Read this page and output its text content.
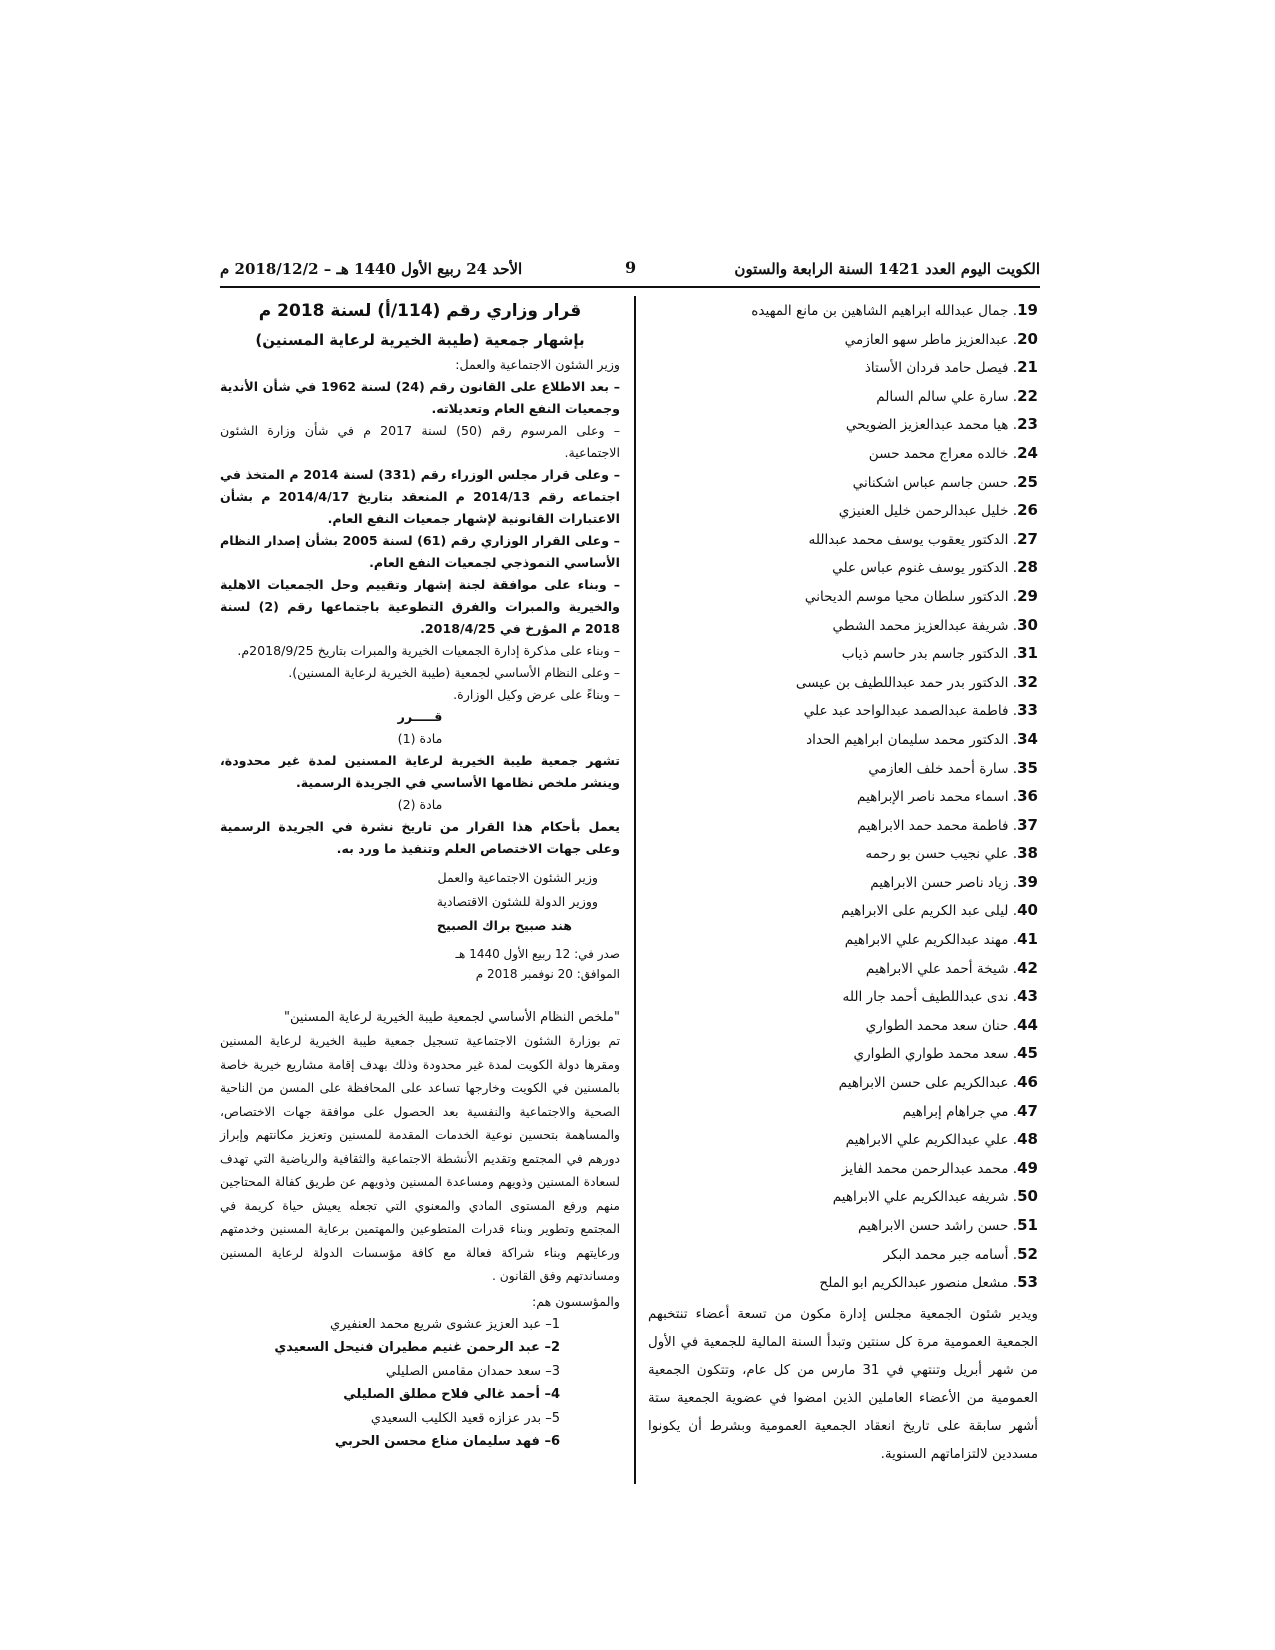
الكويت اليوم العدد 1421 السنة الرابعة والستون
9
الأحد 24 ربيع الأول 1440 هـ – 2018/12/2 م
19. جمال عبدالله ابراهيم الشاهين بن مانع المهيده
20. عبدالعزيز ماطر سهو العازمي
21. فيصل حامد فردان الأستاذ
22. سارة علي سالم السالم
23. هيا محمد عبدالعزيز الضويحي
24. خالده معراج محمد حسن
25. حسن جاسم عباس اشكناني
26. خليل عبدالرحمن خليل العنيزي
27. الدكتور يعقوب يوسف محمد عبدالله
28. الدكتور يوسف غنوم عباس علي
29. الدكتور سلطان محيا موسم الديحاني
30. شريفة عبدالعزيز محمد الشطي
31. الدكتور جاسم بدر حاسم ذياب
32. الدكتور بدر حمد عبداللطيف بن عيسى
33. فاطمة عبدالصمد عبدالواحد عبد علي
34. الدكتور محمد سليمان ابراهيم الحداد
35. سارة أحمد خلف العازمي
36. اسماء محمد ناصر الإبراهيم
37. فاطمة محمد حمد الابراهيم
38. علي نجيب حسن بو رحمه
39. زياد ناصر حسن الابراهيم
40. ليلى عبد الكريم على الابراهيم
41. مهند عبدالكريم علي الابراهيم
42. شيخة أحمد علي الابراهيم
43. ندى عبداللطيف أحمد جار الله
44. حنان سعد محمد الطواري
45. سعد محمد طواري الطواري
46. عبدالكريم على حسن الابراهيم
47. مي جراهام إبراهيم
48. علي عبدالكريم علي الابراهيم
49. محمد عبدالرحمن محمد الفايز
50. شريفه عبدالكريم علي الابراهيم
51. حسن راشد حسن الابراهيم
52. أسامه جبر محمد البكر
53. مشعل منصور عبدالكريم ابو الملح

ويدير شئون الجمعية مجلس إدارة مكون من تسعة أعضاء تنتخبهم الجمعية العمومية مرة كل سنتين وتبدأ السنة المالية للجمعية في الأول من شهر أبريل وتنتهي في 31 مارس من كل عام، وتتكون الجمعية العمومية من الأعضاء العاملين الذين امضوا في عضوية الجمعية ستة أشهر سابقة على تاريخ انعقاد الجمعية العمومية وبشرط أن يكونوا مسددين لالتزاماتهم السنوية.

قرار وزاري رقم (114/أ) لسنة 2018 م
بإشهار جمعية (طيبة الخيرية لرعاية المسنين)

وزير الشئون الاجتماعية والعمل:

– بعد الاطلاع على القانون رقم (24) لسنة 1962 في شأن الأندية وجمعيات النفع العام وتعديلاته.

– وعلى المرسوم رقم (50) لسنة 2017 م في شأن وزارة الشئون الاجتماعية.

– وعلى قرار مجلس الوزراء رقم (331) لسنة 2014 م المتخذ في اجتماعه رقم 2014/13 م المنعقد بتاريخ 2014/4/17 م بشأن الاعتبارات القانونية لإشهار جمعيات النفع العام.

– وعلى القرار الوزاري رقم (61) لسنة 2005 بشأن إصدار النظام الأساسي النموذجي لجمعيات النفع العام.

– وبناء على موافقة لجنة إشهار وتقييم وحل الجمعيات الاهلية والخيرية والمبرات والفرق التطوعية باجتماعها رقم (2) لسنة 2018 م المؤرخ في 2018/4/25.

– وبناء على مذكرة إدارة الجمعيات الخيرية والمبرات بتاريخ 2018/9/25م.

– وعلى النظام الأساسي لجمعية (طيبة الخيرية لرعاية المسنين).

– وبناءً على عرض وكيل الوزارة.

قـــــرر

مادة (1)

تشهر جمعية طيبة الخيرية لرعاية المسنين لمدة غير محدودة، وينشر ملخص نظامها الأساسي في الجريدة الرسمية.

مادة (2)

يعمل بأحكام هذا القرار من تاريخ نشرة في الجريدة الرسمية وعلى جهات الاختصاص العلم وتنفيذ ما ورد به.

وزير الشئون الاجتماعية والعمل

ووزير الدولة للشئون الاقتصادية

هند صبيح براك الصبيح

صدر في: 12 ربيع الأول 1440 هـ
الموافق: 20 نوفمبر 2018 م
"ملخص النظام الأساسي لجمعية طيبة الخيرية لرعاية المسنين"

تم بوزارة الشئون الاجتماعية تسجيل جمعية طيبة الخيرية لرعاية المسنين ومقرها دولة الكويت لمدة غير محدودة وذلك بهدف إقامة مشاريع خيرية خاصة بالمسنين في الكويت وخارجها تساعد على المحافظة على المسن من الناحية الصحية والاجتماعية والنفسية بعد الحصول على موافقة جهات الاختصاص، والمساهمة بتحسين نوعية الخدمات المقدمة للمسنين وتعزيز مكانتهم وإبراز دورهم في المجتمع وتقديم الأنشطة الاجتماعية والثقافية والرياضية التي تهدف لسعادة المسنين وذويهم ومساعدة المسنين وذويهم عن طريق كفالة المحتاجين منهم ورفع المستوى المادي والمعنوي التي تجعله يعيش حياة كريمة في المجتمع وتطوير وبناء قدرات المتطوعين والمهتمين برعاية المسنين وخدمتهم ورعايتهم وبناء شراكة فعالة مع كافة مؤسسات الدولة لرعاية المسنين ومساندتهم وفق القانون .

والمؤسسون هم:

1– عبد العزيز عشوى شريع محمد العنفيري
2– عبد الرحمن غنيم مطيران فنيحل السعيدي
3– سعد حمدان مقامس الصليلي
4– أحمد غالي فلاح مطلق الصليلي
5– بدر عزازه قعيد الكليب السعيدي
6– فهد سليمان مناع محسن الحربي
